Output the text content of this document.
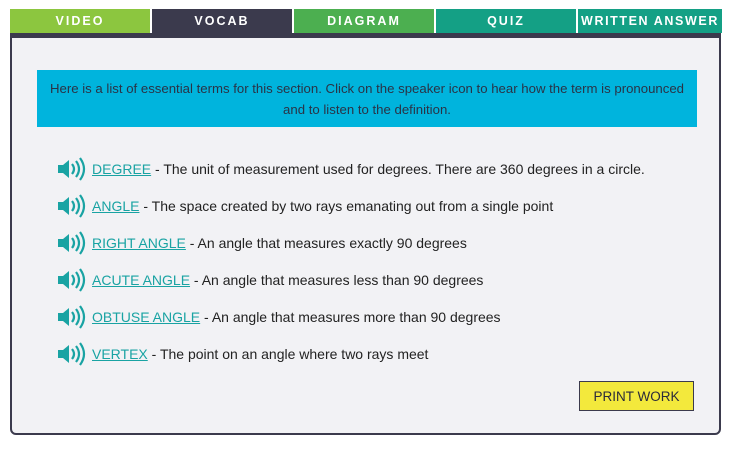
VIDEO	VOCAB	DIAGRAM	QUIZ	WRITTEN ANSWER
Here is a list of essential terms for this section. Click on the speaker icon to hear how the term is pronounced and to listen to the definition.
DEGREE - The unit of measurement used for degrees. There are 360 degrees in a circle.
ANGLE - The space created by two rays emanating out from a single point
RIGHT ANGLE - An angle that measures exactly 90 degrees
ACUTE ANGLE - An angle that measures less than 90 degrees
OBTUSE ANGLE - An angle that measures more than 90 degrees
VERTEX - The point on an angle where two rays meet
PRINT WORK
